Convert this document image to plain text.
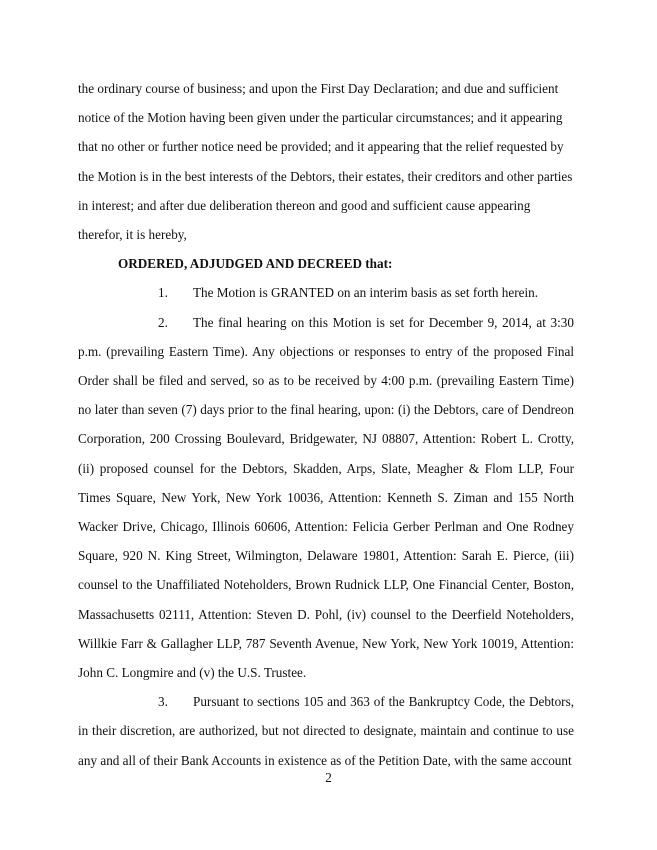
the ordinary course of business; and upon the First Day Declaration; and due and sufficient notice of the Motion having been given under the particular circumstances; and it appearing that no other or further notice need be provided; and it appearing that the relief requested by the Motion is in the best interests of the Debtors, their estates, their creditors and other parties in interest; and after due deliberation thereon and good and sufficient cause appearing therefor, it is hereby,

ORDERED, ADJUDGED AND DECREED that:

1. The Motion is GRANTED on an interim basis as set forth herein.

2. The final hearing on this Motion is set for December 9, 2014, at 3:30 p.m. (prevailing Eastern Time). Any objections or responses to entry of the proposed Final Order shall be filed and served, so as to be received by 4:00 p.m. (prevailing Eastern Time) no later than seven (7) days prior to the final hearing, upon: (i) the Debtors, care of Dendreon Corporation, 200 Crossing Boulevard, Bridgewater, NJ 08807, Attention: Robert L. Crotty, (ii) proposed counsel for the Debtors, Skadden, Arps, Slate, Meagher & Flom LLP, Four Times Square, New York, New York 10036, Attention: Kenneth S. Ziman and 155 North Wacker Drive, Chicago, Illinois 60606, Attention: Felicia Gerber Perlman and One Rodney Square, 920 N. King Street, Wilmington, Delaware 19801, Attention: Sarah E. Pierce, (iii) counsel to the Unaffiliated Noteholders, Brown Rudnick LLP, One Financial Center, Boston, Massachusetts 02111, Attention: Steven D. Pohl, (iv) counsel to the Deerfield Noteholders, Willkie Farr & Gallagher LLP, 787 Seventh Avenue, New York, New York 10019, Attention: John C. Longmire and (v) the U.S. Trustee.

3. Pursuant to sections 105 and 363 of the Bankruptcy Code, the Debtors, in their discretion, are authorized, but not directed to designate, maintain and continue to use any and all of their Bank Accounts in existence as of the Petition Date, with the same account

2
